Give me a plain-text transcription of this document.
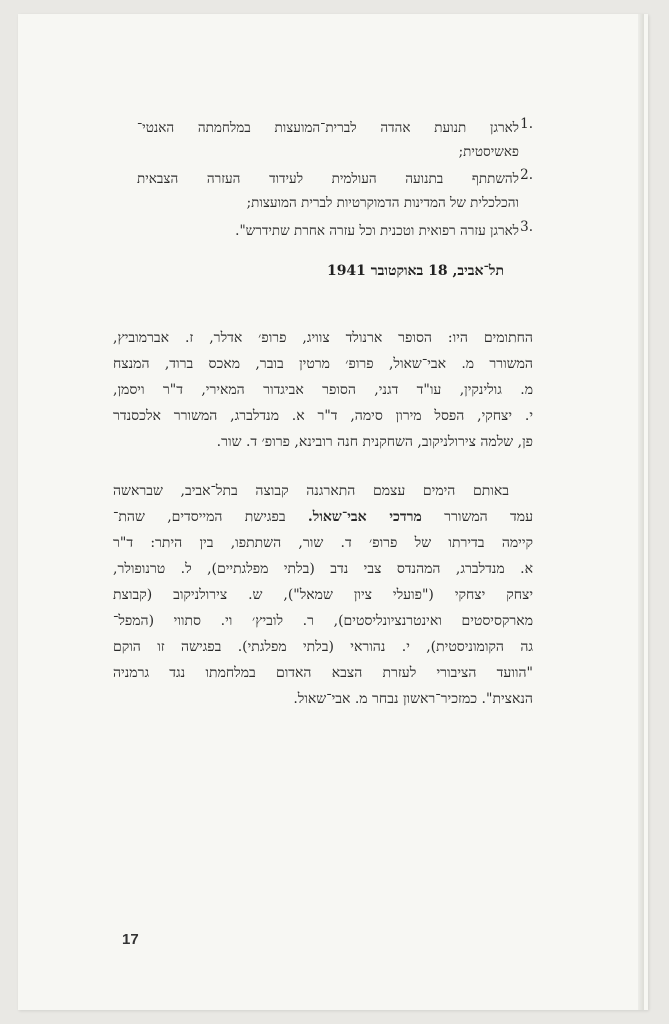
1.
לארגן תנועת אהדה לברית־המועצות במלחמתה האנטי־
פאשיסטית;
2.
להשתתף בתנועה העולמית לעידוד העזרה הצבאית
והכלכלית של המדינות הדמוקרטיות לברית המועצות;
3.
לארגן עזרה רפואית וטכנית וכל עזרה אחרת שתידרש".
תל־אביב, 18 באוקטובר 1941
החתומים היו: הסופר ארנולד צוויג, פרופ׳ אדלר, ז. אברמוביץ,
המשורר מ. אבי־שאול, פרופ׳ מרטין בובר, מאכס ברוד, המנצח
מ. גולינקין, עו"ד דגני, הסופר אביגדור המאירי, ד"ר ויסמן,
י. יצחקי, הפסל מירון סימה, ד"ר א. מנדלברג, המשורר אלכסנדר
פן, שלמה צירולניקוב, השחקנית חנה רובינא, פרופ׳ ד. שור.
באותם הימים עצמם התארגנה קבוצה בתל־אביב, שבראשה
עמד המשורר מרדכי אבי־שאול. בפגישת המייסדים, שהת־
קיימה בדירתו של פרופ׳ ד. שור, השתתפו, בין היתר: ד"ר
א. מנדלברג, המהנדס צבי נדב (בלתי מפלגתיים), ל. טרנופולר,
יצחק יצחקי ("פועלי ציון שמאל"), ש. צירולניקוב (קבוצת
מארקסיסטים ואינטרנציונליסטים), ר. לוביץ׳ וי. סתווי (המפל־
גה הקומוניסטית), י. נהוראי (בלתי מפלגתי). בפגישה זו הוקם
"הוועד הציבורי לעזרת הצבא האדום במלחמתו נגד גרמניה
הנאצית". כמזכיר־ראשון נבחר מ. אבי־שאול.
17
